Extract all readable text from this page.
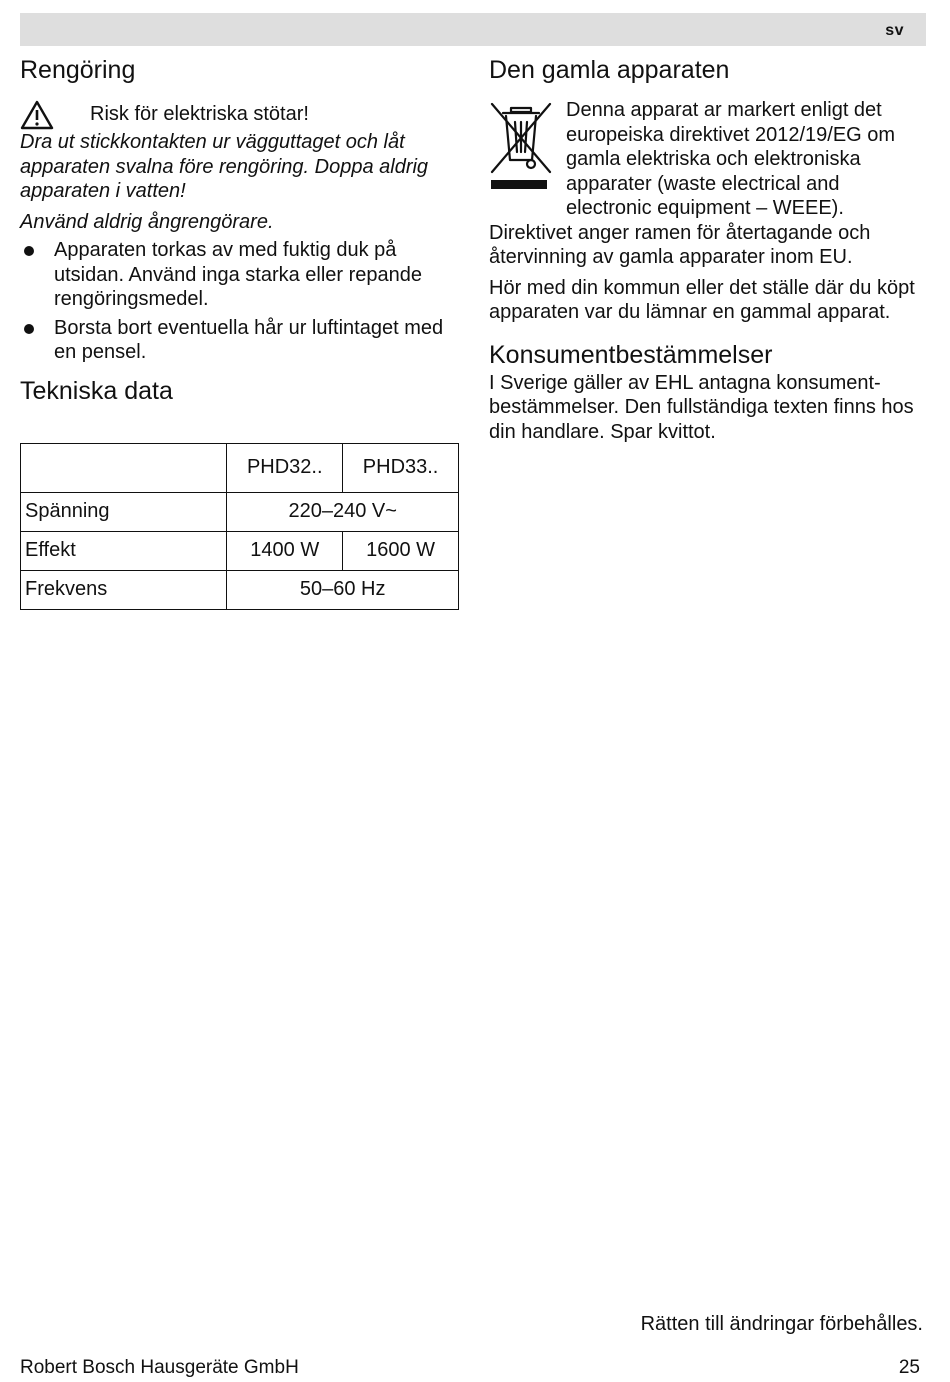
sv
Rengöring
Risk för elektriska stötar!

Dra ut stickkontakten ur vägguttaget och låt apparaten svalna före rengöring. Doppa aldrig apparaten i vatten!

Använd aldrig ångrengörare.

Apparaten torkas av med fuktig duk på utsidan. Använd inga starka eller repande rengöringsmedel.
Borsta bort eventuella hår ur luftintaget med en pensel.
Tekniska data
	PHD32..	PHD33..
Spänning	220–240 V~	
Effekt	1400 W	1600 W
Frekvens	50–60 Hz	
Den gamla apparaten

Denna apparat ar markert enligt det europeiska direktivet 2012/19/EG om gamla elektriska och elektroniska apparater (waste electrical and electronic equipment – WEEE).

Direktivet anger ramen för återtagande och återvinning av gamla apparater inom EU.

Hör med din kommun eller det ställe där du köpt apparaten var du lämnar en gammal apparat.

Konsumentbestämmelser

I Sverige gäller av EHL antagna konsument-bestämmelser. Den fullständiga texten finns hos din handlare. Spar kvittot.

Rätten till ändringar förbehålles.
Robert Bosch Hausgeräte GmbH	25
